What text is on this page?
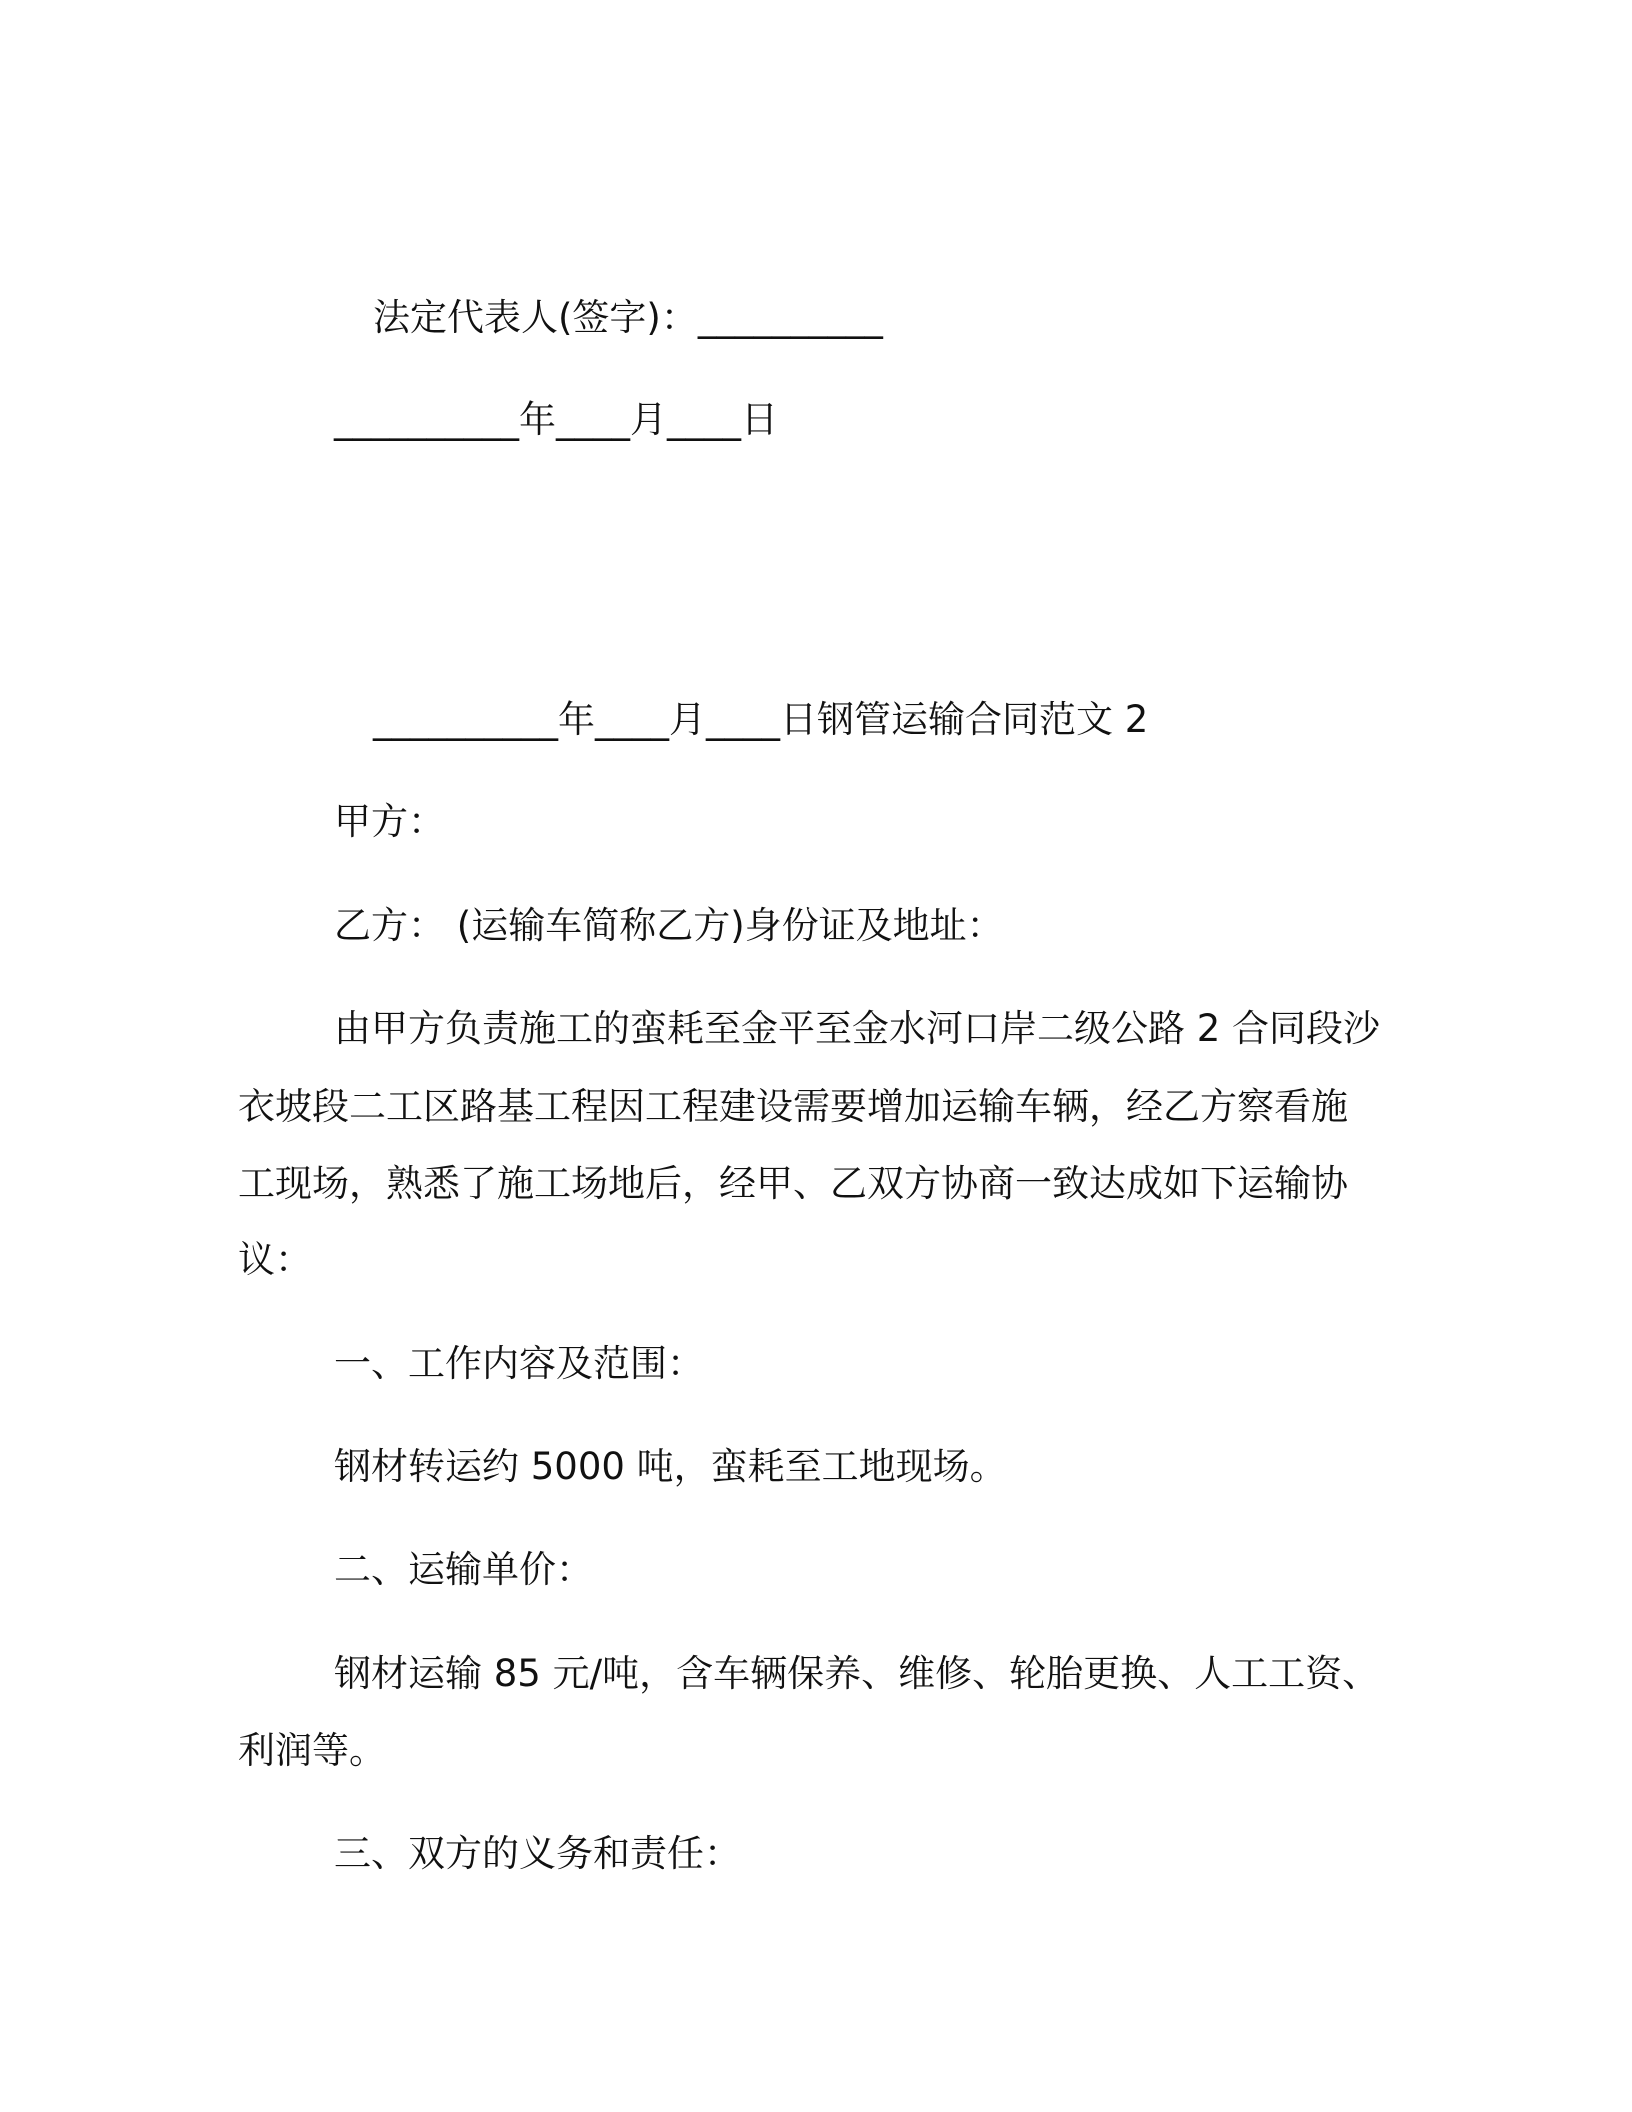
法定代表人(签字)：__________

__________年____月____日

__________年____月____日钢管运输合同范文 2

甲方：

乙方： (运输车简称乙方)身份证及地址：

由甲方负责施工的蛮耗至金平至金水河口岸二级公路 2 合同段沙

衣坡段二工区路基工程因工程建设需要增加运输车辆，经乙方察看施

工现场，熟悉了施工场地后，经甲、乙双方协商一致达成如下运输协

议：

一、工作内容及范围：

钢材转运约 5000 吨，蛮耗至工地现场。

二、运输单价：

钢材运输 85 元/吨，含车辆保养、维修、轮胎更换、人工工资、

利润等。

三、双方的义务和责任：
